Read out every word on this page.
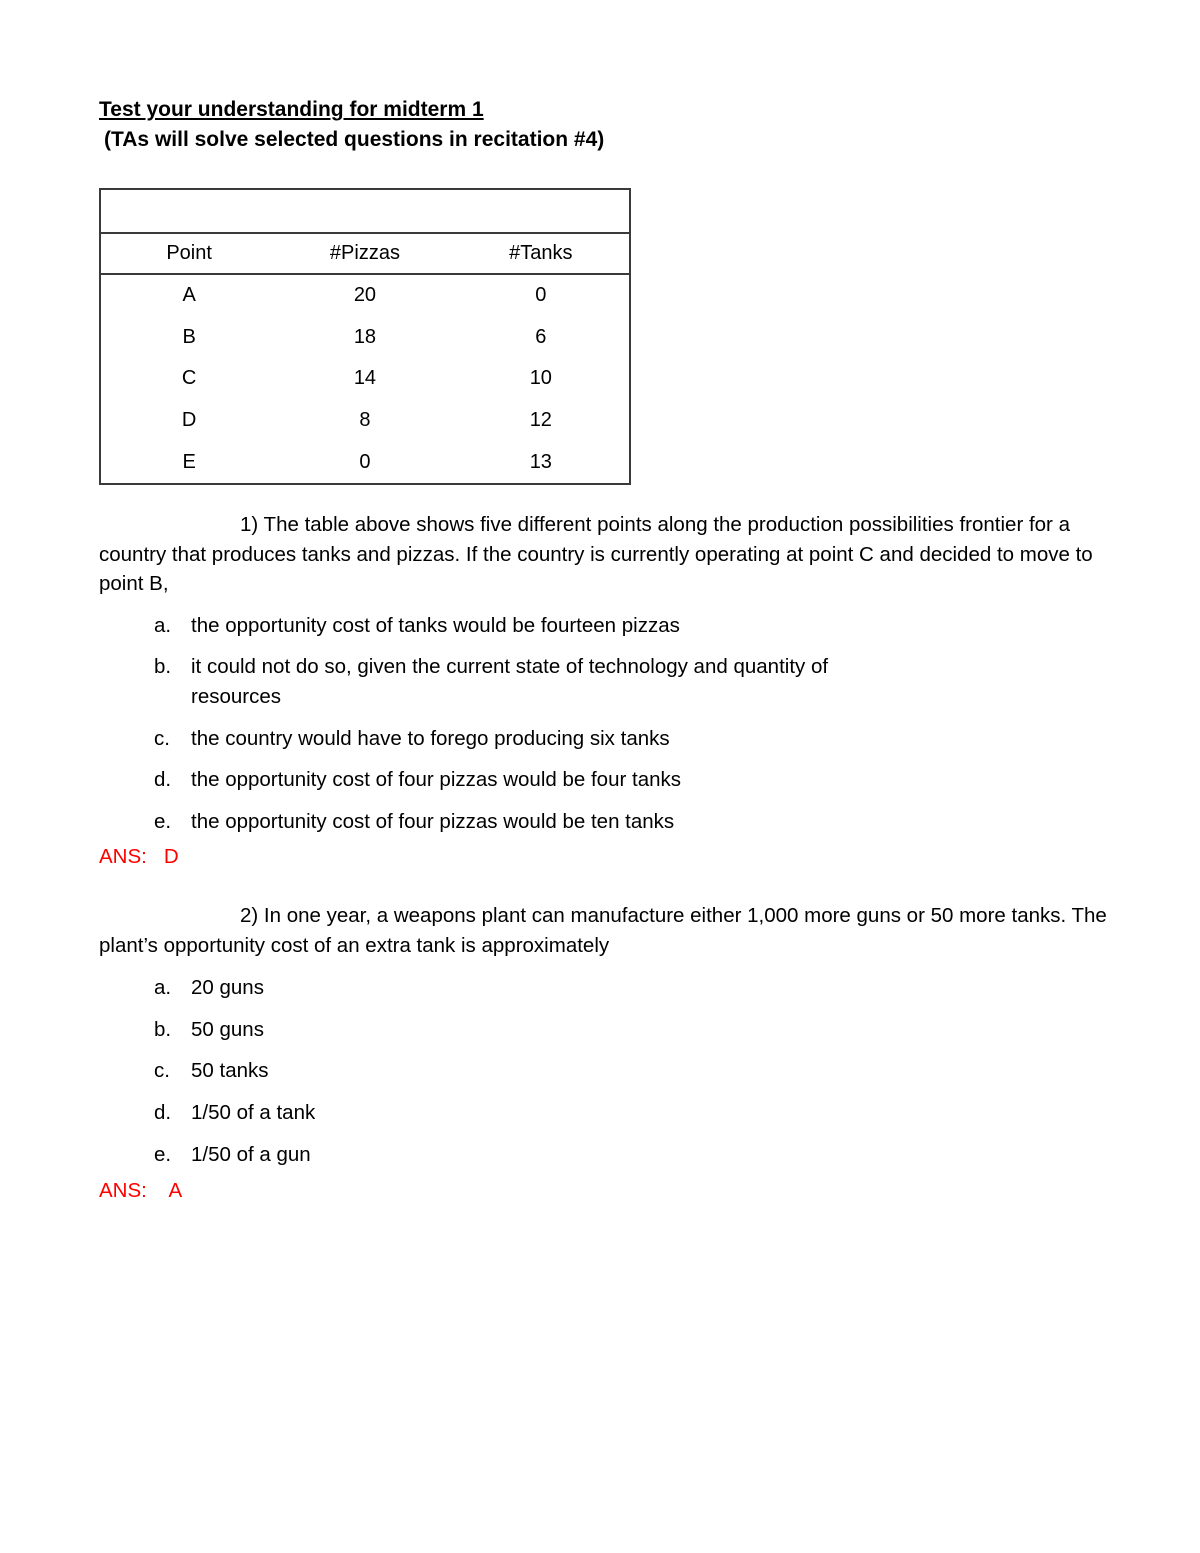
Test your understanding for midterm 1
(TAs will solve selected questions in recitation #4)

Point	#Pizzas	#Tanks
A	20	0
B	18	6
C	14	10
D	8	12
E	0	13
1) The table above shows five different points along the production possibilities frontier for a country that produces tanks and pizzas. If the country is currently operating at point C and decided to move to point B,
a. the opportunity cost of tanks would be fourteen pizzas
b. it could not do so, given the current state of technology and quantity of resources
c.	the country would have to forego producing six tanks
d. the opportunity cost of four pizzas would be four tanks
e. the opportunity cost of four pizzas would be ten tanks
ANS:   D
2) In one year, a weapons plant can manufacture either 1,000 more guns or 50 more tanks. The plant’s opportunity cost of an extra tank is approximately
a. 20 guns
b. 50 guns
c.	50 tanks
d. 1/50 of a tank
e. 1/50 of a gun
ANS:    A
